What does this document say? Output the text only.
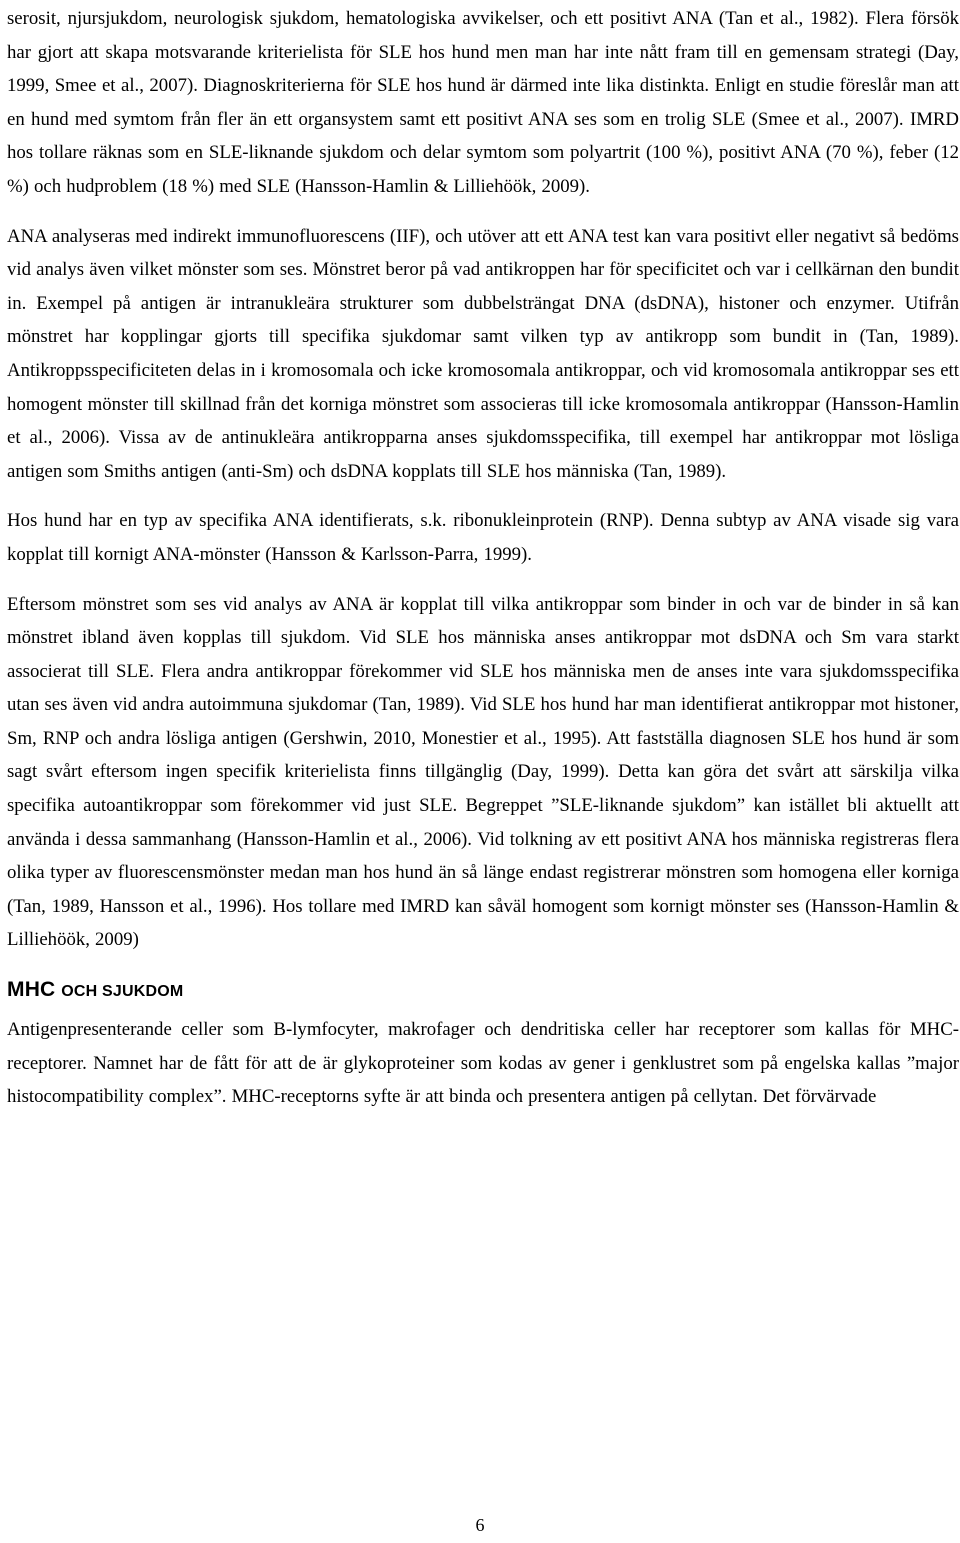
serosit, njursjukdom, neurologisk sjukdom, hematologiska avvikelser, och ett positivt ANA (Tan et al., 1982). Flera försök har gjort att skapa motsvarande kriterielista för SLE hos hund men man har inte nått fram till en gemensam strategi (Day, 1999, Smee et al., 2007). Diagnoskriterierna för SLE hos hund är därmed inte lika distinkta. Enligt en studie föreslår man att en hund med symtom från fler än ett organsystem samt ett positivt ANA ses som en trolig SLE (Smee et al., 2007). IMRD hos tollare räknas som en SLE-liknande sjukdom och delar symtom som polyartrit (100 %), positivt ANA (70 %), feber (12 %) och hudproblem (18 %) med SLE (Hansson-Hamlin & Lilliehöök, 2009).

ANA analyseras med indirekt immunofluorescens (IIF), och utöver att ett ANA test kan vara positivt eller negativt så bedöms vid analys även vilket mönster som ses. Mönstret beror på vad antikroppen har för specificitet och var i cellkärnan den bundit in. Exempel på antigen är intranukleära strukturer som dubbelsträngat DNA (dsDNA), histoner och enzymer. Utifrån mönstret har kopplingar gjorts till specifika sjukdomar samt vilken typ av antikropp som bundit in (Tan, 1989). Antikroppsspecificiteten delas in i kromosomala och icke kromosomala antikroppar, och vid kromosomala antikroppar ses ett homogent mönster till skillnad från det korniga mönstret som associeras till icke kromosomala antikroppar (Hansson-Hamlin et al., 2006). Vissa av de antinukleära antikropparna anses sjukdomsspecifika, till exempel har antikroppar mot lösliga antigen som Smiths antigen (anti-Sm) och dsDNA kopplats till SLE hos människa (Tan, 1989).

Hos hund har en typ av specifika ANA identifierats, s.k. ribonukleinprotein (RNP). Denna subtyp av ANA visade sig vara kopplat till kornigt ANA-mönster (Hansson & Karlsson-Parra, 1999).

Eftersom mönstret som ses vid analys av ANA är kopplat till vilka antikroppar som binder in och var de binder in så kan mönstret ibland även kopplas till sjukdom. Vid SLE hos människa anses antikroppar mot dsDNA och Sm vara starkt associerat till SLE. Flera andra antikroppar förekommer vid SLE hos människa men de anses inte vara sjukdomsspecifika utan ses även vid andra autoimmuna sjukdomar (Tan, 1989). Vid SLE hos hund har man identifierat antikroppar mot histoner, Sm, RNP och andra lösliga antigen (Gershwin, 2010, Monestier et al., 1995). Att fastställa diagnosen SLE hos hund är som sagt svårt eftersom ingen specifik kriterielista finns tillgänglig (Day, 1999). Detta kan göra det svårt att särskilja vilka specifika autoantikroppar som förekommer vid just SLE. Begreppet ”SLE-liknande sjukdom” kan istället bli aktuellt att använda i dessa sammanhang (Hansson-Hamlin et al., 2006). Vid tolkning av ett positivt ANA hos människa registreras flera olika typer av fluorescensmönster medan man hos hund än så länge endast registrerar mönstren som homogena eller korniga (Tan, 1989, Hansson et al., 1996). Hos tollare med IMRD kan såväl homogent som kornigt mönster ses (Hansson-Hamlin & Lilliehöök, 2009)

MHC OCH SJUKDOM

Antigenpresenterande celler som B-lymfocyter, makrofager och dendritiska celler har receptorer som kallas för MHC-receptorer. Namnet har de fått för att de är glykoproteiner som kodas av gener i genklustret som på engelska kallas ”major histocompatibility complex”. MHC-receptorns syfte är att binda och presentera antigen på cellytan. Det förvärvade

6
